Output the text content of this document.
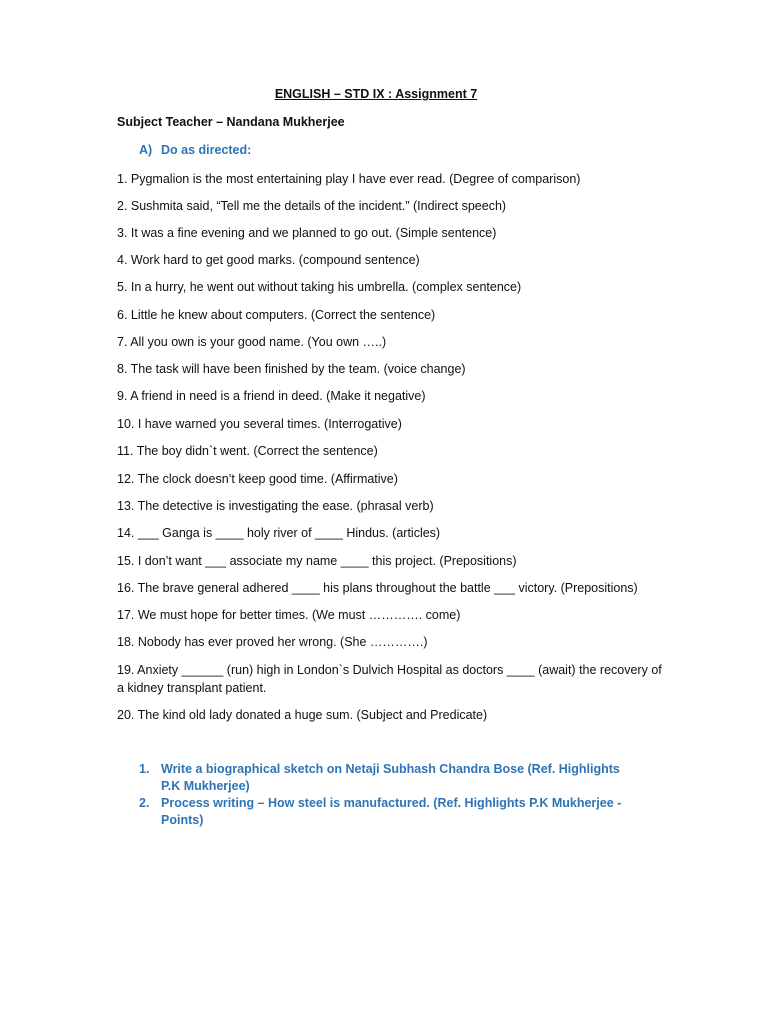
ENGLISH – STD IX : Assignment 7
Subject Teacher – Nandana Mukherjee
A) Do as directed:
1. Pygmalion is the most entertaining play I have ever read. (Degree of comparison)
2. Sushmita said, “Tell me the details of the incident.” (Indirect speech)
3. It was a fine evening and we planned to go out. (Simple sentence)
4. Work hard to get good marks. (compound sentence)
5. In a hurry, he went out without taking his umbrella. (complex sentence)
6. Little he knew about computers. (Correct the sentence)
7. All you own is your good name. (You own …..)
8. The task will have been finished by the team. (voice change)
9. A friend in need is a friend in deed. (Make it negative)
10. I have warned you several times. (Interrogative)
11. The boy didn`t went. (Correct the sentence)
12. The clock doesn’t keep good time. (Affirmative)
13. The detective is investigating the ease. (phrasal verb)
14. ___ Ganga is ____ holy river of ____ Hindus. (articles)
15. I don’t want ___ associate my name ____ this project. (Prepositions)
16. The brave general adhered ____ his plans throughout the battle ___ victory. (Prepositions)
17. We must hope for better times. (We must …………. come)
18. Nobody has ever proved her wrong. (She ………….)
19. Anxiety ______ (run) high in London`s Dulvich Hospital as doctors ____ (await) the recovery of a kidney transplant patient.
20. The kind old lady donated a huge sum. (Subject and Predicate)
1. Write a biographical sketch on Netaji Subhash Chandra Bose (Ref. Highlights P.K Mukherjee)
2. Process writing – How steel is manufactured. (Ref. Highlights P.K Mukherjee - Points)
